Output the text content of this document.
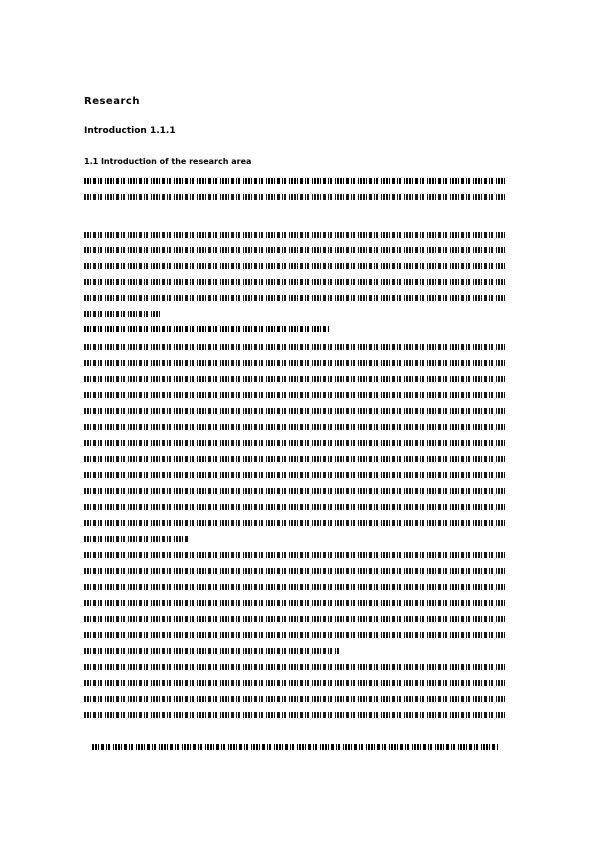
Research
Introduction 1.1.1
1.1 Introduction of the research area
